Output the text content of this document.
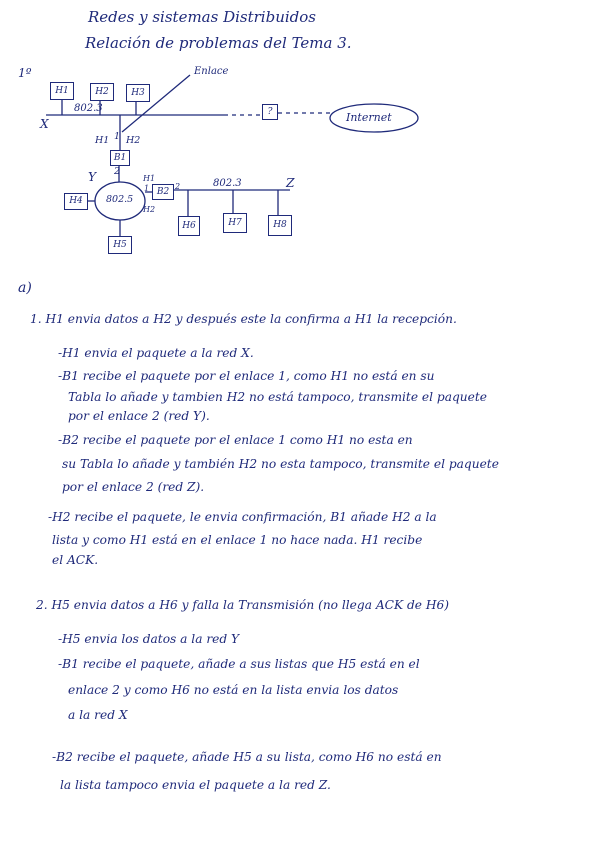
Redes y sistemas Distribuidos
Relación de problemas del Tema 3.
1º
H1	H2	H3
?
B1
B2
H4
H5
H6	H7	H8
Enlace
802.3
X	Internet
H1 1 H2
2
Y
802.5
H1
1
H2
2	802.3	Z
a)
1. H1 envia datos a H2 y después este la confirma a H1 la recepción.
-H1 envia el paquete a la red X.
-B1 recibe el paquete por el enlace 1, como H1 no está en su
Tabla lo añade y tambien H2 no está tampoco, transmite el paquete
por el enlace 2 (red Y).
-B2 recibe el paquete por el enlace 1 como H1 no esta en
su Tabla lo añade y también H2 no esta tampoco, transmite el paquete
por el enlace 2 (red Z).
-H2 recibe el paquete, le envia confirmación, B1 añade H2 a la
lista y como H1 está en el enlace 1 no hace nada. H1 recibe
el ACK.
2. H5 envia datos a H6 y falla la Transmisión (no llega ACK de H6)
-H5 envia los datos a la red Y
-B1 recibe el paquete, añade a sus listas que H5 está en el
enlace 2 y como H6 no está en la lista envia los datos
a la red X
-B2 recibe el paquete, añade H5 a su lista, como H6 no está en
la lista tampoco envia el paquete a la red Z.
